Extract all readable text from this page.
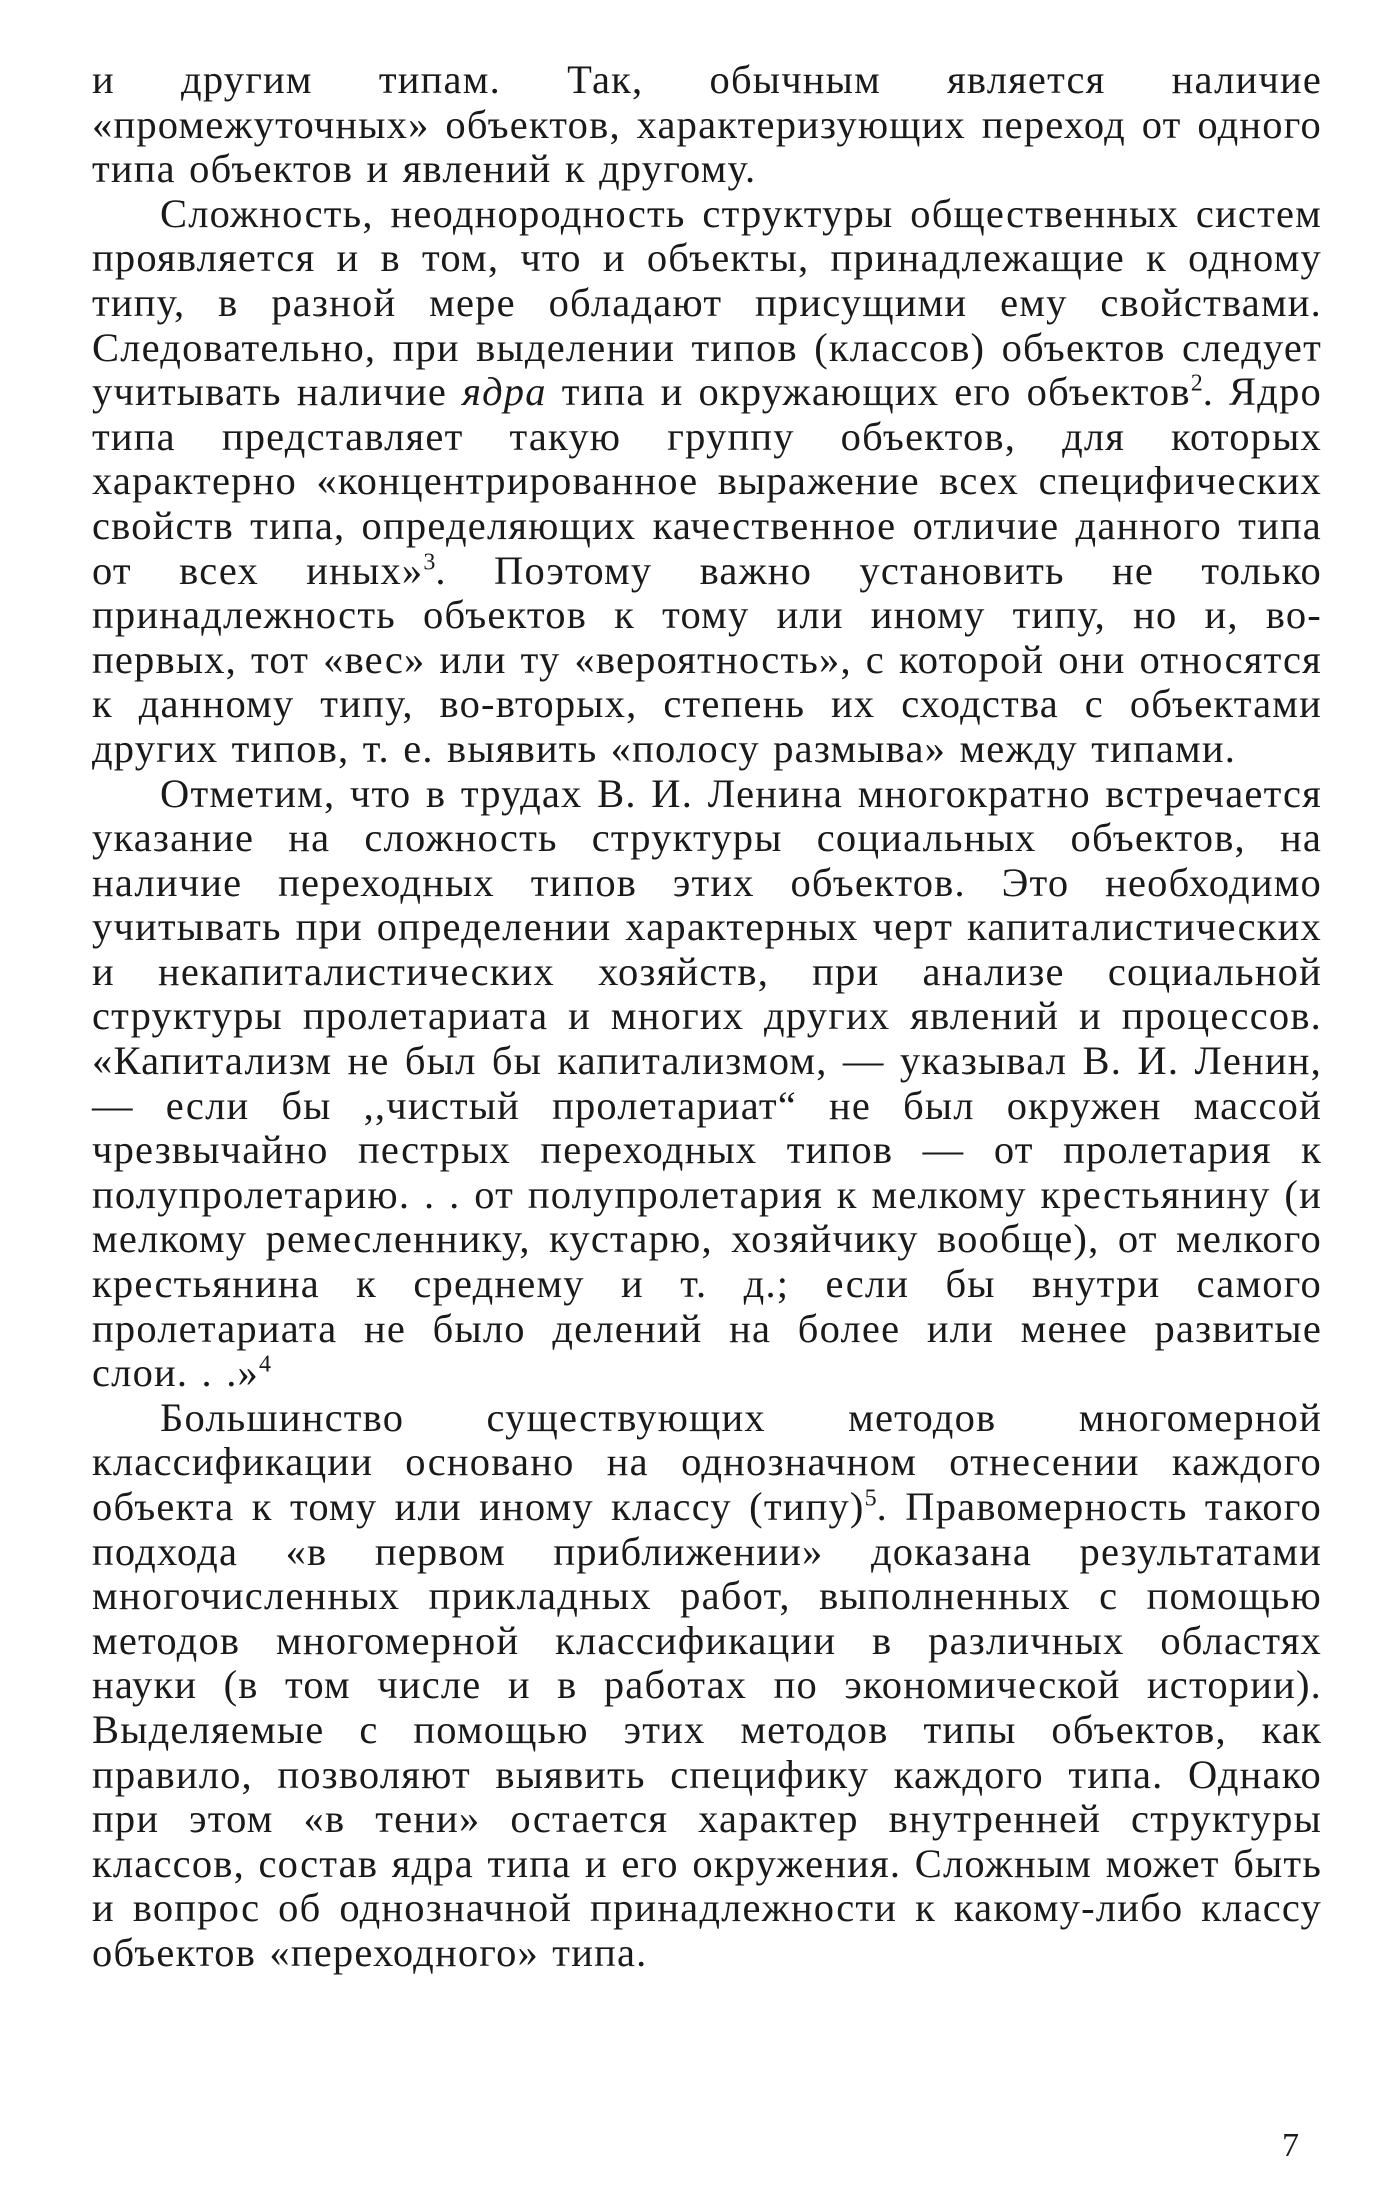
и другим типам. Так, обычным является наличие «промежуточных» объектов, характеризующих переход от одного типа объектов и явлений к другому.

Сложность, неоднородность структуры общественных систем проявляется и в том, что и объекты, принадлежащие к одному типу, в разной мере обладают присущими ему свойствами. Следовательно, при выделении типов (классов) объектов следует учитывать наличие ядра типа и окружающих его объектов$^2$. Ядро типа представляет такую группу объектов, для которых характерно «концентрированное выражение всех специфических свойств типа, определяющих качественное отличие данного типа от всех иных»$^3$. Поэтому важно установить не только принадлежность объектов к тому или иному типу, но и, во-первых, тот «вес» или ту «вероятность», с которой они относятся к данному типу, во-вторых, степень их сходства с объектами других типов, т. е. выявить «полосу размыва» между типами.

Отметим, что в трудах В. И. Ленина многократно встречается указание на сложность структуры социальных объектов, на наличие переходных типов этих объектов. Это необходимо учитывать при определении характерных черт капиталистических и некапиталистических хозяйств, при анализе социальной структуры пролетариата и многих других явлений и процессов. «Капитализм не был бы капитализмом, — указывал В. И. Ленин, — если бы ,,чистый пролетариат“ не был окружен массой чрезвычайно пестрых переходных типов — от пролетария к полупролетарию. . . от полупролетария к мелкому крестьянину (и мелкому ремесленнику, кустарю, хозяйчику вообще), от мелкого крестьянина к среднему и т. д.; если бы внутри самого пролетариата не было делений на более или менее развитые слои. . .»$^4$

Большинство существующих методов многомерной классификации основано на однозначном отнесении каждого объекта к тому или иному классу (типу)$^5$. Правомерность такого подхода «в первом приближении» доказана результатами многочисленных прикладных работ, выполненных с помощью методов многомерной классификации в различных областях науки (в том числе и в работах по экономической истории). Выделяемые с помощью этих методов типы объектов, как правило, позволяют выявить специфику каждого типа. Однако при этом «в тени» остается характер внутренней структуры классов, состав ядра типа и его окружения. Сложным может быть и вопрос об однозначной принадлежности к какому-либо классу объектов «переходного» типа.

7
